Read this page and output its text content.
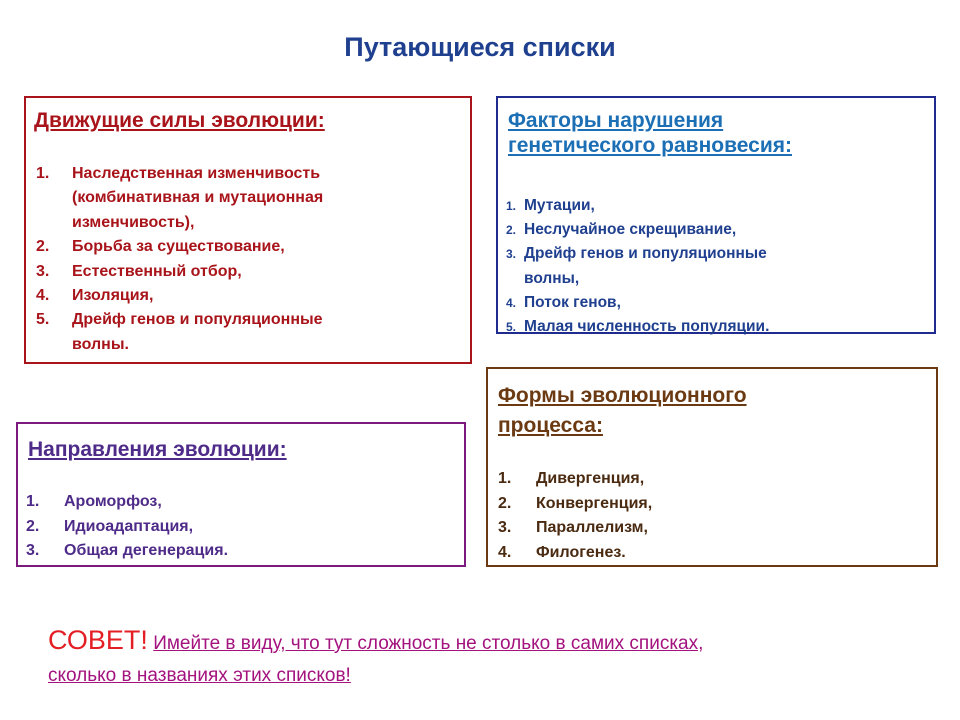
Путающиеся списки
Движущие силы эволюции:
1. Наследственная изменчивость
(комбинативная и мутационная
изменчивость),
2. Борьба за существование,
3. Естественный отбор,
4. Изоляция,
5. Дрейф генов и популяционные
волны.
Факторы нарушения
генетического равновесия:
1. Мутации,
2. Неслучайное скрещивание,
3. Дрейф генов и популяционные
волны,
4. Поток генов,
5. Малая численность популяции.
Формы эволюционного
процесса:
1. Дивергенция,
2. Конвергенция,
3. Параллелизм,
4. Филогенез.
Направления эволюции:
1. Ароморфоз,
2. Идиоадаптация,
3. Общая дегенерация.
СОВЕТ! Имейте в виду, что тут сложность не столько в самих списках,
сколько в названиях этих списков!
